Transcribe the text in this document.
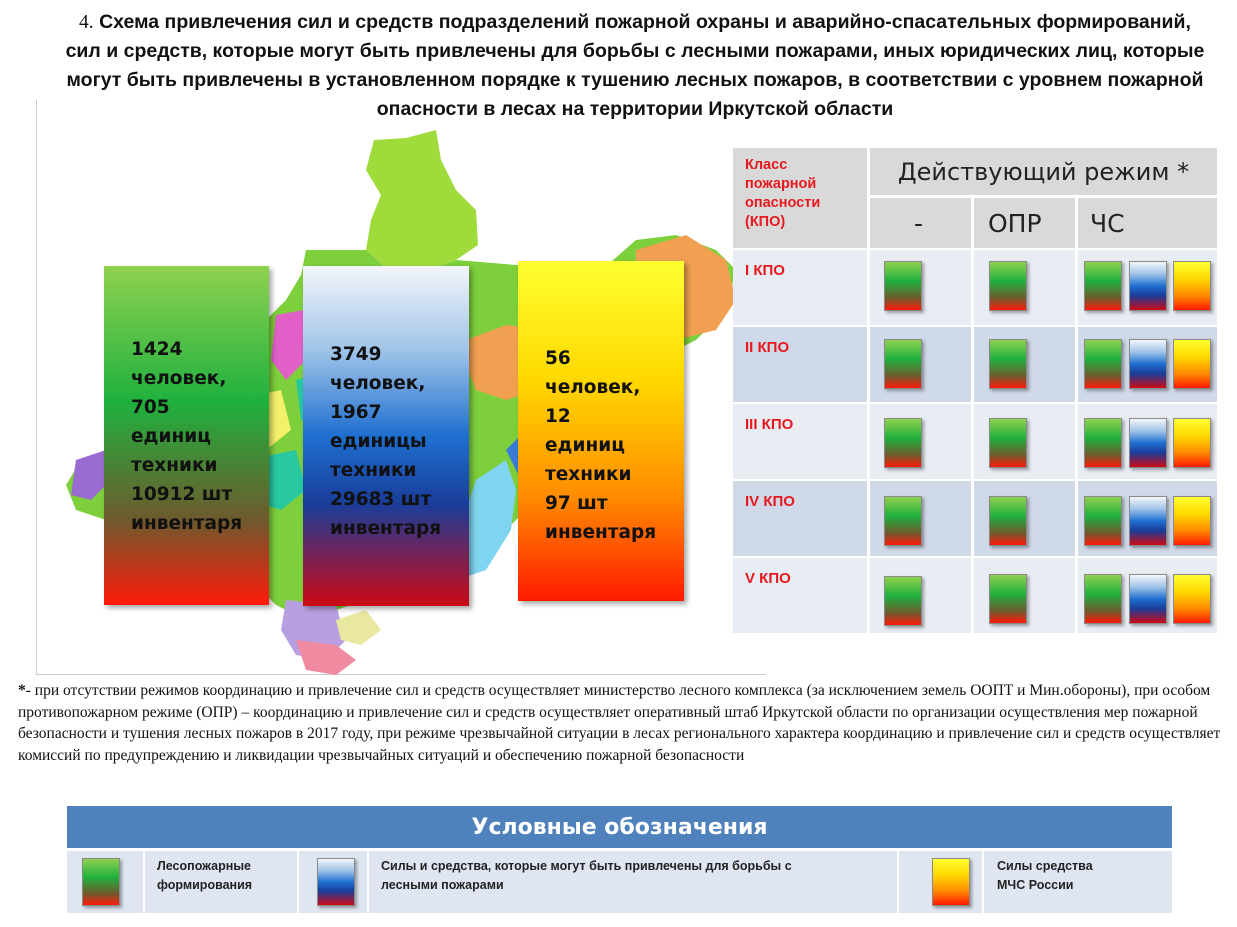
4. Схема привлечения сил и средств подразделений пожарной охраны и аварийно-спасательных формирований, сил и средств, которые могут быть привлечены для борьбы с лесными пожарами, иных юридических лиц, которые могут быть привлечены в установленном порядке к тушению лесных пожаров, в соответствии с уровнем пожарной опасности в лесах на территории Иркутской области
1424
человек,
705
единиц
техники
10912 шт
инвентаря
3749
человек,
1967
единицы
техники
29683 шт
инвентаря
56
человек,
12
единиц
техники
97 шт
инвентаря
Класс
пожарной
опасности
(КПО)
Действующий режим *
-	ОПР	ЧС
I КПО
II КПО
III КПО
IV КПО
V КПО
*- при отсутствии режимов координацию и привлечение сил и средств осуществляет министерство лесного комплекса (за исключением земель ООПТ и Мин.обороны), при особом противопожарном режиме (ОПР) – координацию и привлечение сил и средств осуществляет оперативный штаб Иркутской области по организации осуществления мер пожарной безопасности и тушения лесных пожаров в 2017 году, при режиме чрезвычайной ситуации в лесах регионального характера координацию и привлечение сил и средств осуществляет комиссий по предупреждению и ликвидации чрезвычайных ситуаций и обеспечению пожарной безопасности
Условные обозначения
Лесопожарные
формирования
Силы и средства, которые могут быть привлечены для борьбы с
лесными пожарами
Силы средства
МЧС России
